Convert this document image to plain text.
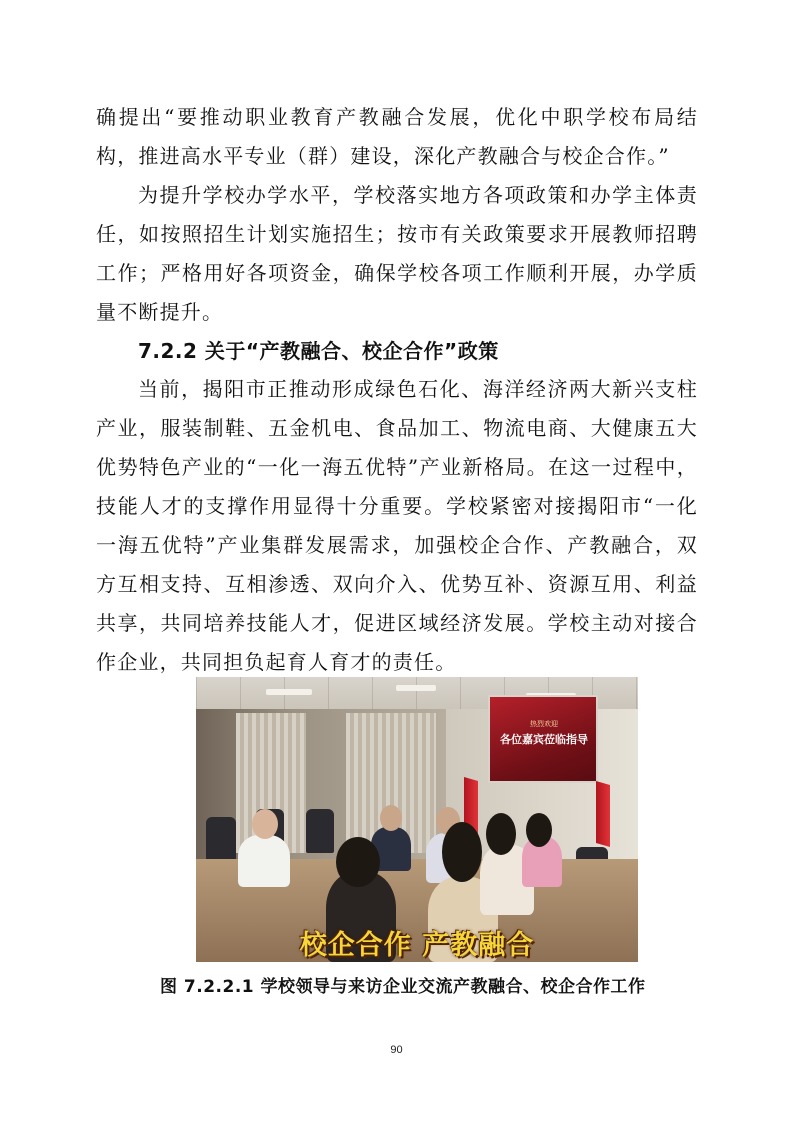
确提出“要推动职业教育产教融合发展，优化中职学校布局结构，推进高水平专业（群）建设，深化产教融合与校企合作。”
为提升学校办学水平，学校落实地方各项政策和办学主体责任，如按照招生计划实施招生；按市有关政策要求开展教师招聘工作；严格用好各项资金，确保学校各项工作顺利开展，办学质量不断提升。
7.2.2 关于“产教融合、校企合作”政策
当前，揭阳市正推动形成绿色石化、海洋经济两大新兴支柱产业，服装制鞋、五金机电、食品加工、物流电商、大健康五大优势特色产业的“一化一海五优特”产业新格局。在这一过程中，技能人才的支撑作用显得十分重要。学校紧密对接揭阳市“一化一海五优特”产业集群发展需求，加强校企合作、产教融合，双方互相支持、互相渗透、双向介入、优势互补、资源互用、利益共享，共同培养技能人才，促进区域经济发展。学校主动对接合作企业，共同担负起育人育才的责任。
热烈欢迎
各位嘉宾莅临指导
校企合作 产教融合
图 7.2.2.1 学校领导与来访企业交流产教融合、校企合作工作
90
